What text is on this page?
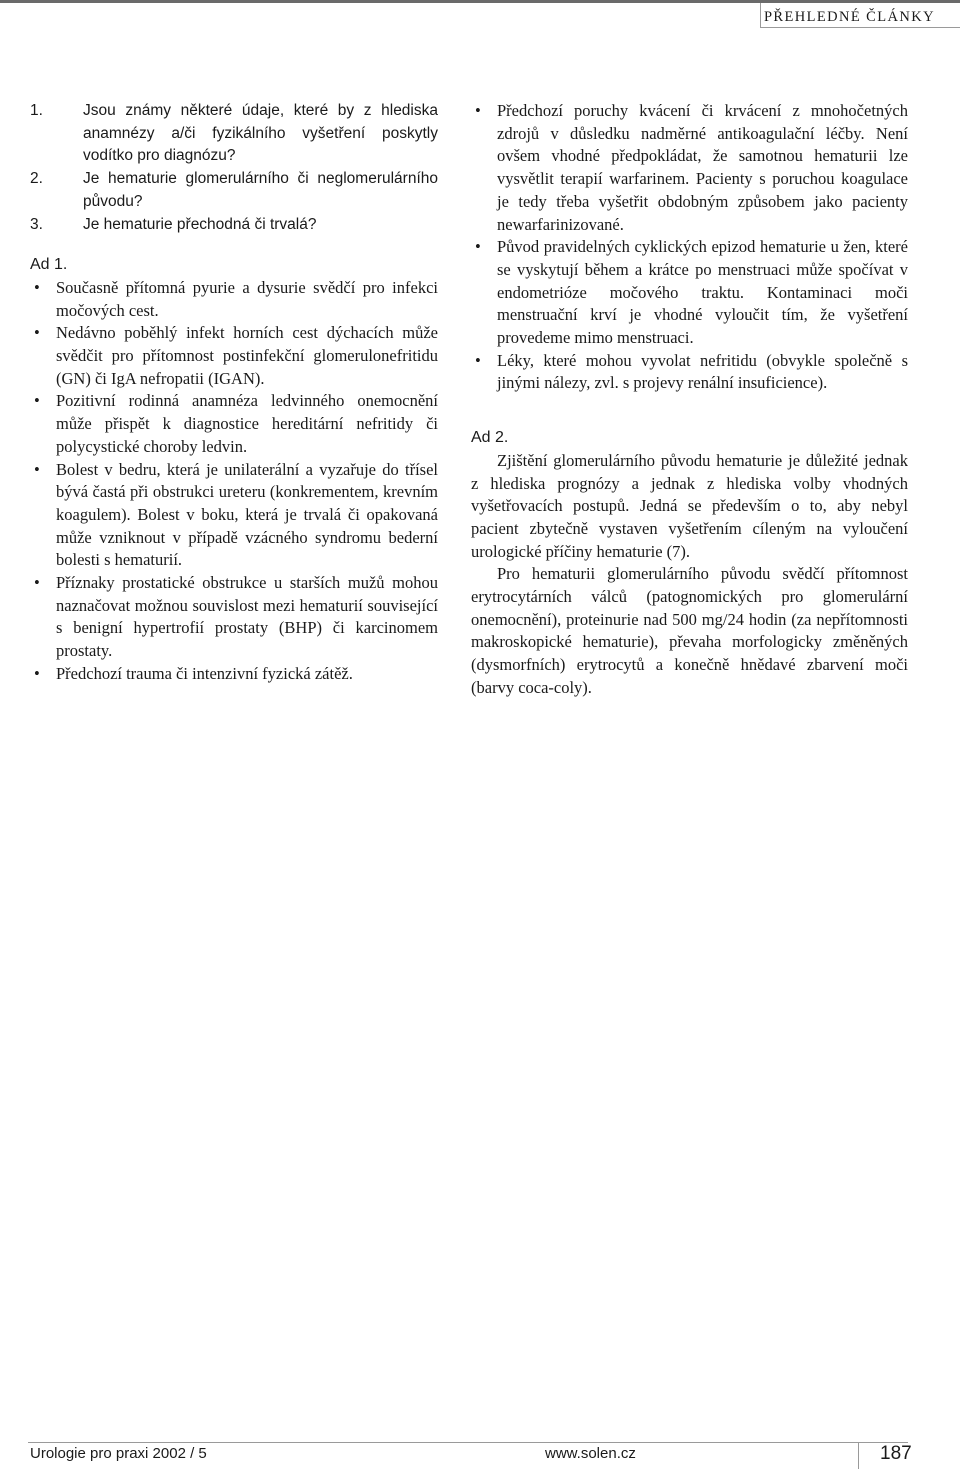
PŘEHLEDNÉ ČLÁNKY
1.	Jsou známy některé údaje, které by z hlediska anamnézy a/či fyzikálního vyšetření poskytly vodítko pro diagnózu?
2.	Je hematurie glomerulárního či neglomerulárního původu?
3.	Je hematurie přechodná či trvalá?
Ad 1.
• Současně přítomná pyurie a dysurie svědčí pro infekci močových cest.
• Nedávno poběhlý infekt horních cest dýchacích může svědčit pro přítomnost postinfekční glomerulonefritidu (GN) či IgA nefropatii (IGAN).
• Pozitivní rodinná anamnéza ledvinného onemocnění může přispět k diagnostice hereditární nefritidy či polycystické choroby ledvin.
• Bolest v bedru, která je unilaterální a vyzařuje do třísel bývá častá při obstrukci ureteru (konkrementem, krevním koagulem). Bolest v boku, která je trvalá či opakovaná může vzniknout v případě vzácného syndromu bederní bolesti s hematurií.
• Příznaky prostatické obstrukce u starších mužů mohou naznačovat možnou souvislost mezi hematurií související s benigní hypertrofií prostaty (BHP) či karcinomem prostaty.
• Předchozí trauma či intenzivní fyzická zátěž.
• Předchozí poruchy kvácení či krvácení z mnohočetných zdrojů v důsledku nadměrné antikoagulační léčby. Není ovšem vhodné předpokládat, že samotnou hematurii lze vysvětlit terapií warfarinem. Pacienty s poruchou koagulace je tedy třeba vyšetřit obdobným způsobem jako pacienty newarfarinizované.
• Původ pravidelných cyklických epizod hematurie u žen, které se vyskytují během a krátce po menstruaci může spočívat v endometrióze močového traktu. Kontaminaci moči menstruační krví je vhodné vyloučit tím, že vyšetření provedeme mimo menstruaci.
• Léky, které mohou vyvolat nefritidu (obvykle společně s jinými nálezy, zvl. s projevy renální insuficience).
Ad 2.

Zjištění glomerulárního původu hematurie je důležité jednak z hlediska prognózy a jednak z hlediska volby vhodných vyšetřovacích postupů. Jedná se především o to, aby nebyl pacient zbytečně vystaven vyšetřením cíleným na vyloučení urologické příčiny hematurie (7).

Pro hematurii glomerulárního původu svědčí přítomnost erytrocytárních válců (patognomických pro glomerulární onemocnění), proteinurie nad 500 mg/24 hodin (za nepřítomnosti makroskopické hematurie), převaha morfologicky změněných (dysmorfních) erytrocytů a konečně hnědavé zbarvení moči (barvy coca-coly).

Urologie pro praxi 2002 / 5	www.solen.cz	187
